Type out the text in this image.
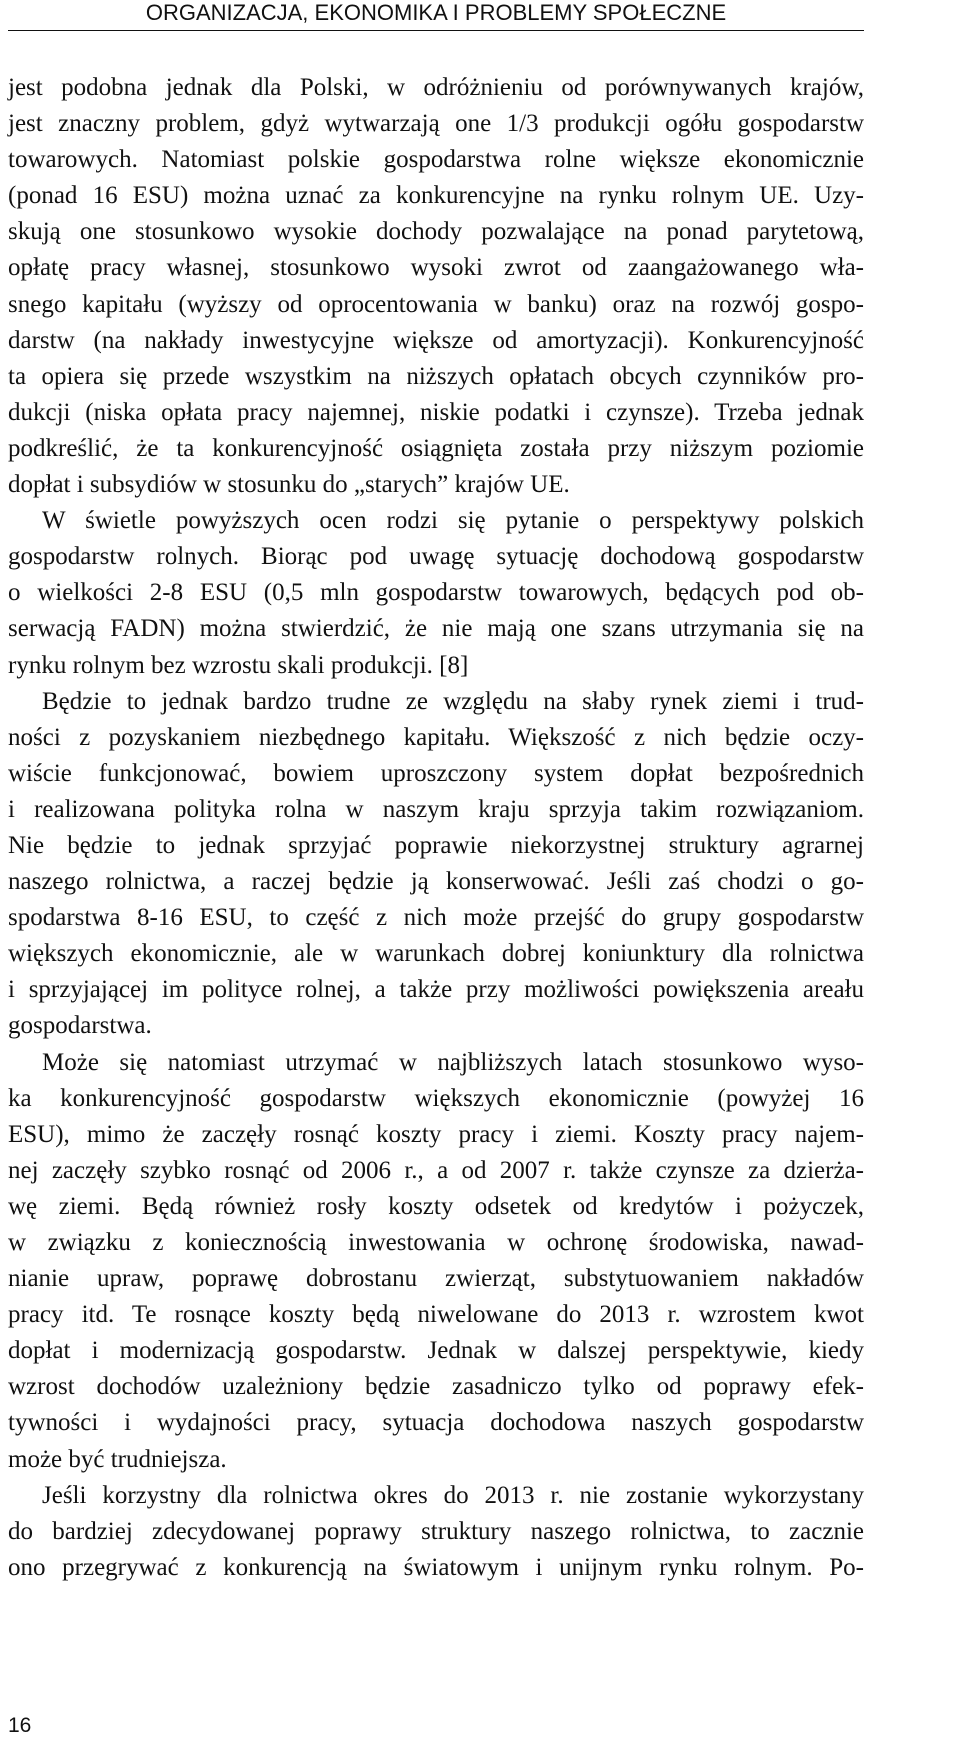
ORGANIZACJA, EKONOMIKA I PROBLEMY SPOŁECZNE
jest podobna jednak dla Polski, w odróżnieniu od porównywanych krajów,
jest znaczny problem, gdyż wytwarzają one 1/3 produkcji ogółu gospodarstw
towarowych. Natomiast polskie gospodarstwa rolne większe ekonomicznie
(ponad 16 ESU) można uznać za konkurencyjne na rynku rolnym UE. Uzy-
skują one stosunkowo wysokie dochody pozwalające na ponad parytetową,
opłatę pracy własnej, stosunkowo wysoki zwrot od zaangażowanego wła-
snego kapitału (wyższy od oprocentowania w banku) oraz na rozwój gospo-
darstw (na nakłady inwestycyjne większe od amortyzacji). Konkurencyjność
ta opiera się przede wszystkim na niższych opłatach obcych czynników pro-
dukcji (niska opłata pracy najemnej, niskie podatki i czynsze). Trzeba jednak
podkreślić, że ta konkurencyjność osiągnięta została przy niższym poziomie
dopłat i subsydiów w stosunku do „starych” krajów UE.
W świetle powyższych ocen rodzi się pytanie o perspektywy polskich
gospodarstw rolnych. Biorąc pod uwagę sytuację dochodową gospodarstw
o wielkości 2-8 ESU (0,5 mln gospodarstw towarowych, będących pod ob-
serwacją FADN) można stwierdzić, że nie mają one szans utrzymania się na
rynku rolnym bez wzrostu skali produkcji. [8]
Będzie to jednak bardzo trudne ze względu na słaby rynek ziemi i trud-
ności z pozyskaniem niezbędnego kapitału. Większość z nich będzie oczy-
wiście funkcjonować, bowiem uproszczony system dopłat bezpośrednich
i realizowana polityka rolna w naszym kraju sprzyja takim rozwiązaniom.
Nie będzie to jednak sprzyjać poprawie niekorzystnej struktury agrarnej
naszego rolnictwa, a raczej będzie ją konserwować. Jeśli zaś chodzi o go-
spodarstwa 8-16 ESU, to część z nich może przejść do grupy gospodarstw
większych ekonomicznie, ale w warunkach dobrej koniunktury dla rolnictwa
i sprzyjającej im polityce rolnej, a także przy możliwości powiększenia areału
gospodarstwa.
Może się natomiast utrzymać w najbliższych latach stosunkowo wyso-
ka konkurencyjność gospodarstw większych ekonomicznie (powyżej 16
ESU), mimo że zaczęły rosnąć koszty pracy i ziemi. Koszty pracy najem-
nej zaczęły szybko rosnąć od 2006 r., a od 2007 r. także czynsze za dzierża-
wę ziemi. Będą również rosły koszty odsetek od kredytów i pożyczek,
w związku z koniecznością inwestowania w ochronę środowiska, nawad-
nianie upraw, poprawę dobrostanu zwierząt, substytuowaniem nakładów
pracy itd. Te rosnące koszty będą niwelowane do 2013 r. wzrostem kwot
dopłat i modernizacją gospodarstw. Jednak w dalszej perspektywie, kiedy
wzrost dochodów uzależniony będzie zasadniczo tylko od poprawy efek-
tywności i wydajności pracy, sytuacja dochodowa naszych gospodarstw
może być trudniejsza.
Jeśli korzystny dla rolnictwa okres do 2013 r. nie zostanie wykorzystany
do bardziej zdecydowanej poprawy struktury naszego rolnictwa, to zacznie
ono przegrywać z konkurencją na światowym i unijnym rynku rolnym. Po-
16
